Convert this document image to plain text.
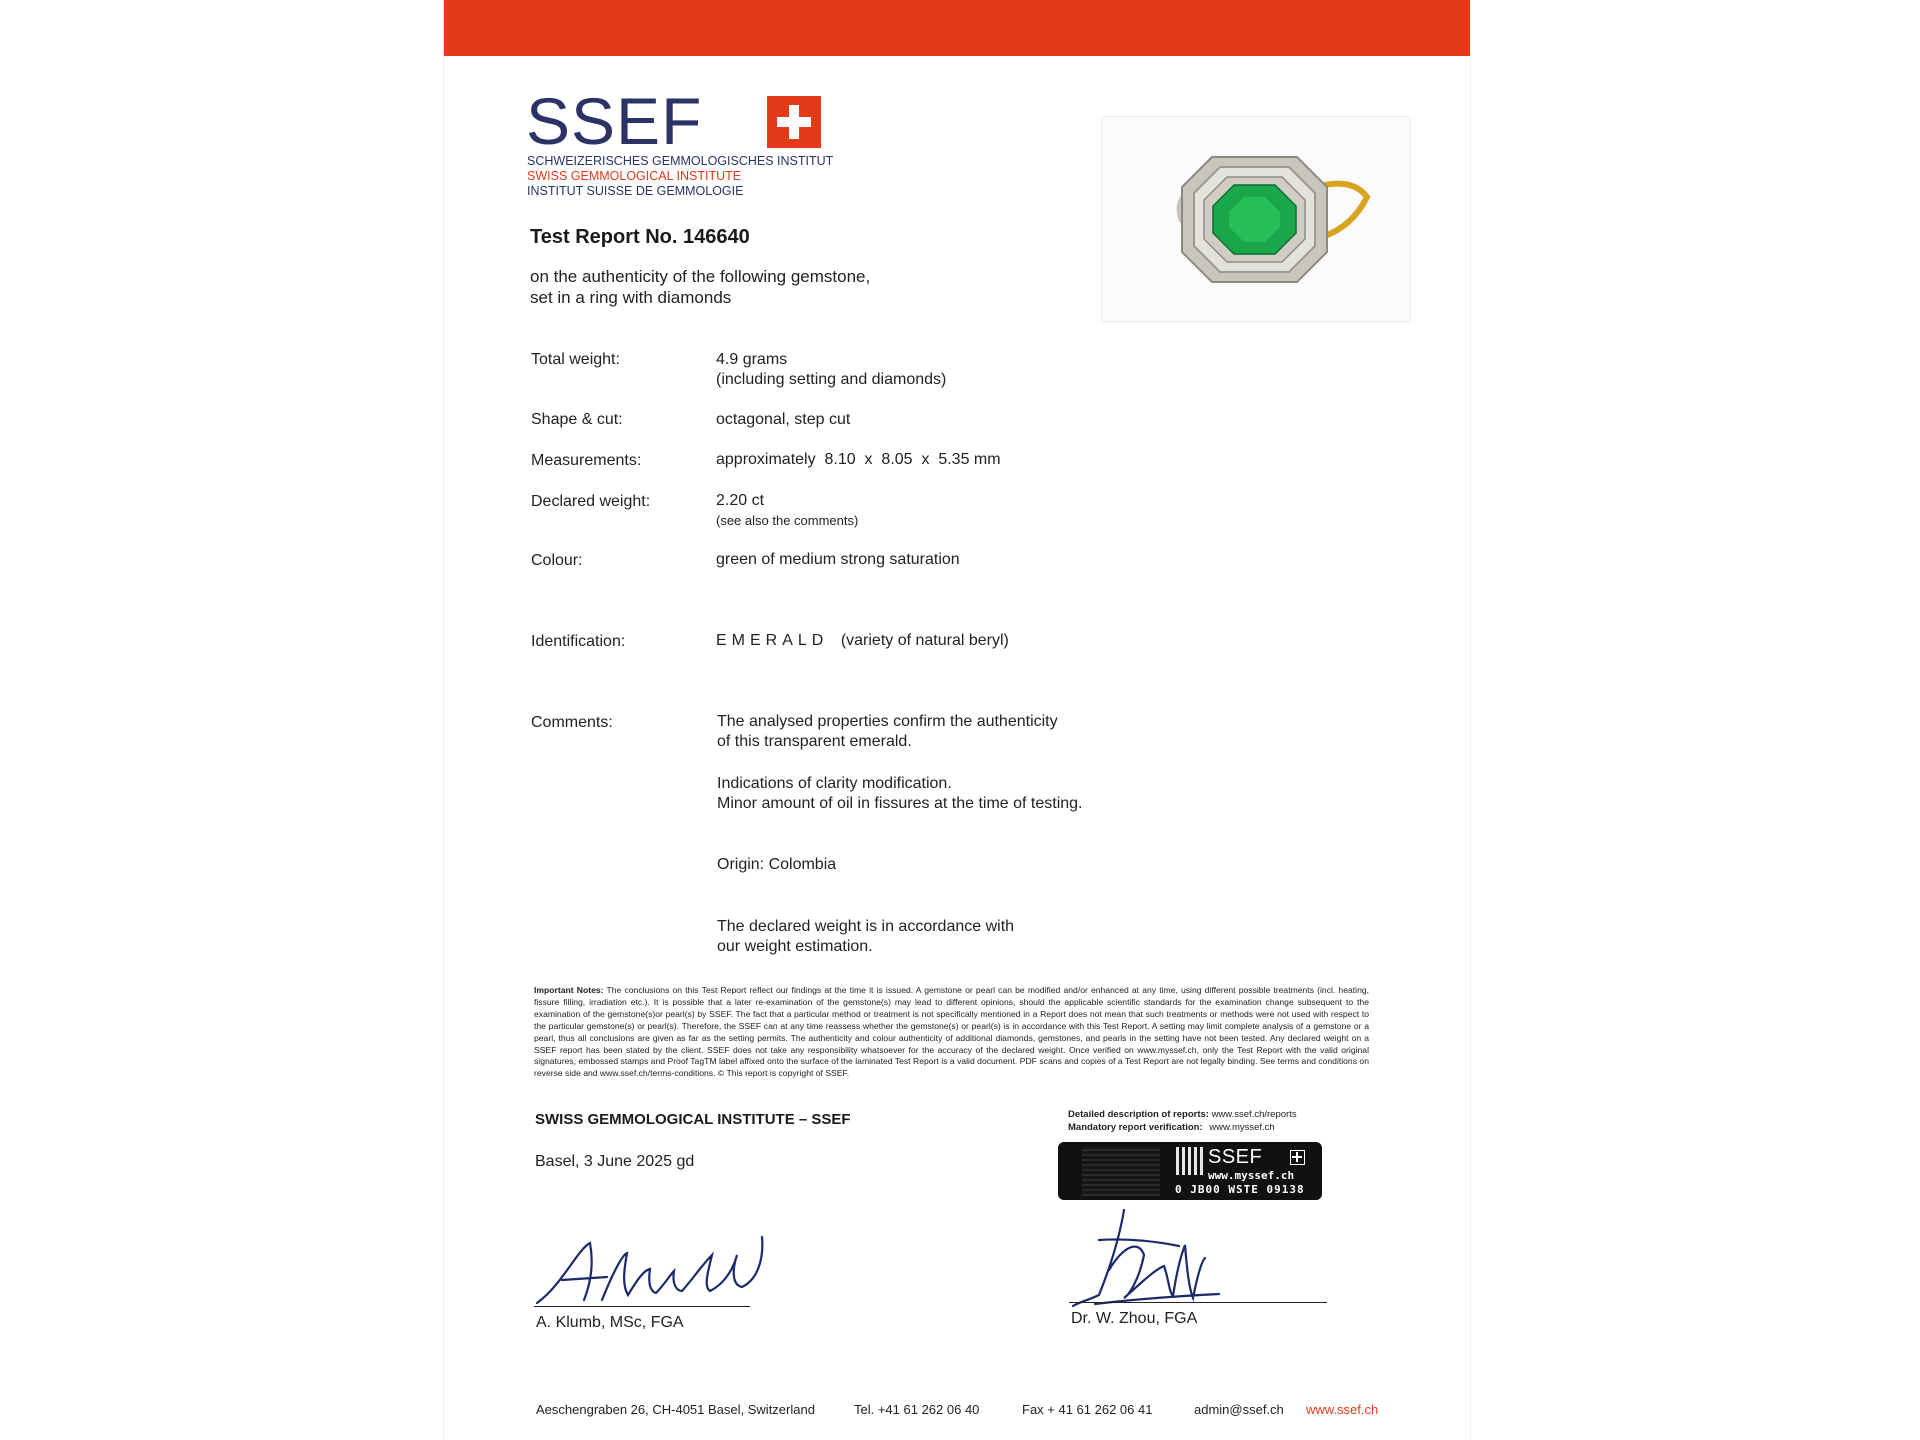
SSEF
SCHWEIZERISCHES GEMMOLOGISCHES INSTITUT
SWISS GEMMOLOGICAL INSTITUTE
INSTITUT SUISSE DE GEMMOLOGIE
Test Report No. 146640
on the authenticity of the following gemstone,
set in a ring with diamonds
Total weight:	4.9 grams
(including setting and diamonds)
Shape & cut:	octagonal, step cut
Measurements:	approximately  8.10  x  8.05  x  5.35 mm
Declared weight:	2.20 ct
(see also the comments)
Colour:	green of medium strong saturation
Identification:	EMERALD (variety of natural beryl)
Comments:	The analysed properties confirm the authenticity
of this transparent emerald.
Indications of clarity modification.
Minor amount of oil in fissures at the time of testing.
Origin: Colombia
The declared weight is in accordance with
our weight estimation.
Important Notes: The conclusions on this Test Report reflect our findings at the time it is issued. A gemstone or pearl can be modified and/or enhanced at any time, using different possible treatments (incl. heating, fissure filling, irradiation etc.). It is possible that a later re-examination of the gemstone(s) may lead to different opinions, should the applicable scientific standards for the examination change subsequent to the examination of the gemstone(s)or pearl(s) by SSEF. The fact that a particular method or treatment is not specifically mentioned in a Report does not mean that such treatments or methods were not used with respect to the particular gemstone(s) or pearl(s). Therefore, the SSEF can at any time reassess whether the gemstone(s) or pearl(s) is in accordance with this Test Report. A setting may limit complete analysis of a gemstone or a pearl, thus all conclusions are given as far as the setting permits. The authenticity and colour authenticity of additional diamonds, gemstones, and pearls in the setting have not been tested. Any declared weight on a SSEF report has been stated by the client. SSEF does not take any responsibility whatsoever for the accuracy of the declared weight. Once verified on www.myssef.ch, only the Test Report with the valid original signatures, embossed stamps and Proof TagTM label affixed onto the surface of the laminated Test Report is a valid document. PDF scans and copies of a Test Report are not legally binding. See terms and conditions on reverse side and www.ssef.ch/terms-conditions. © This report is copyright of SSEF.
SWISS GEMMOLOGICAL INSTITUTE – SSEF
Basel, 3 June 2025 gd
Detailed description of reports: www.ssef.ch/reports
Mandatory report verification: www.myssef.ch
SSEF
www.myssef.ch
0 JB00 WSTE 09138
A. Klumb, MSc, FGA	Dr. W. Zhou, FGA
Aeschengraben 26, CH-4051 Basel, Switzerland	Tel. +41 61 262 06 40	Fax + 41 61 262 06 41	admin@ssef.ch www.ssef.ch
